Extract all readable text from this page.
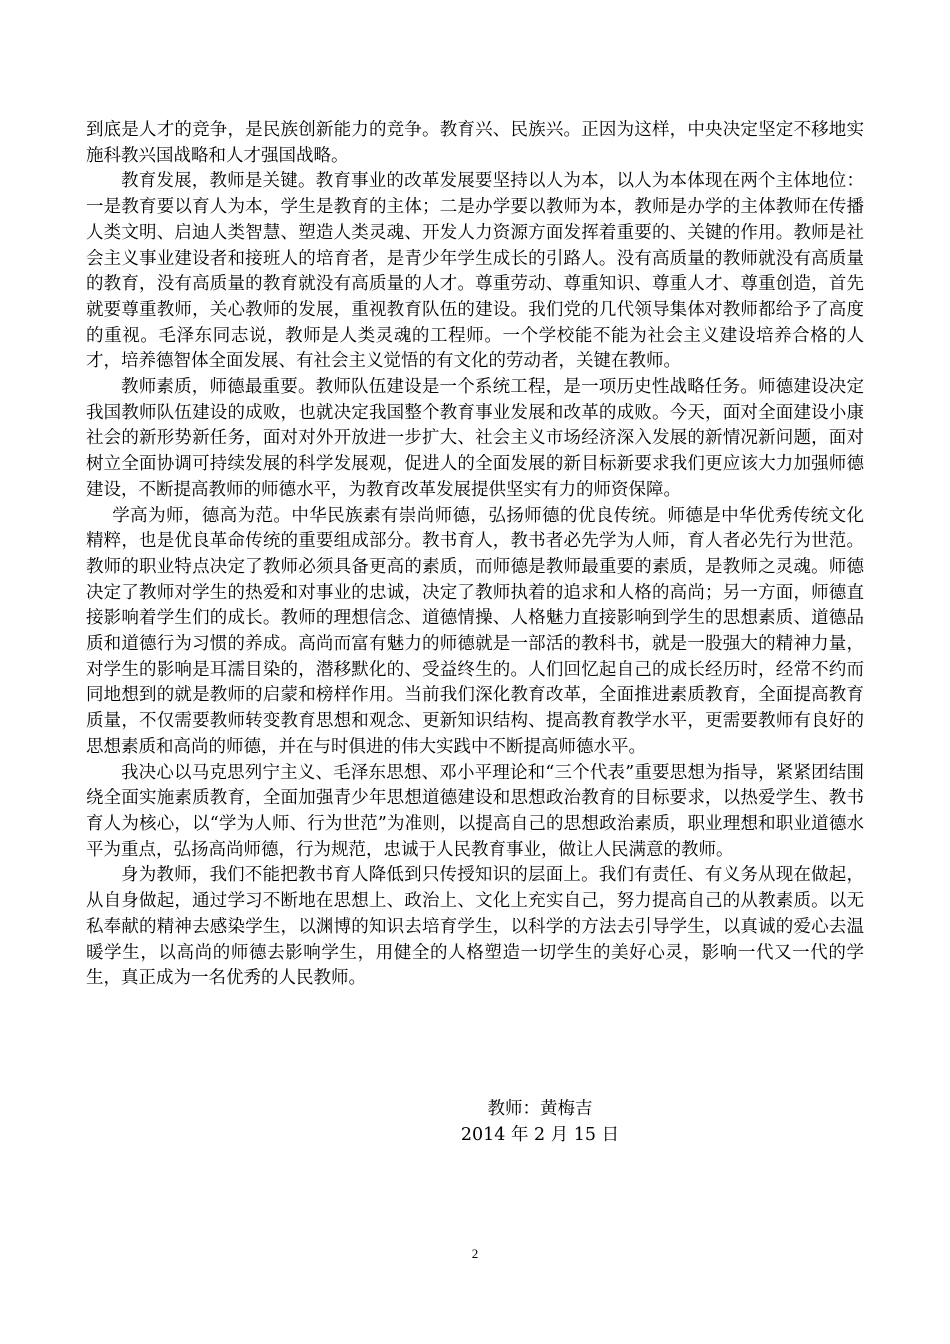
到底是人才的竞争，是民族创新能力的竞争。教育兴、民族兴。正因为这样，中央决定坚定不移地实施科教兴国战略和人才强国战略。

教育发展，教师是关键。教育事业的改革发展要坚持以人为本，以人为本体现在两个主体地位：一是教育要以育人为本，学生是教育的主体；二是办学要以教师为本，教师是办学的主体教师在传播人类文明、启迪人类智慧、塑造人类灵魂、开发人力资源方面发挥着重要的、关键的作用。教师是社会主义事业建设者和接班人的培育者，是青少年学生成长的引路人。没有高质量的教师就没有高质量的教育，没有高质量的教育就没有高质量的人才。尊重劳动、尊重知识、尊重人才、尊重创造，首先就要尊重教师，关心教师的发展，重视教育队伍的建设。我们党的几代领导集体对教师都给予了高度的重视。毛泽东同志说，教师是人类灵魂的工程师。一个学校能不能为社会主义建设培养合格的人才，培养德智体全面发展、有社会主义觉悟的有文化的劳动者，关键在教师。

教师素质，师德最重要。教师队伍建设是一个系统工程，是一项历史性战略任务。师德建设决定我国教师队伍建设的成败，也就决定我国整个教育事业发展和改革的成败。今天，面对全面建设小康社会的新形势新任务，面对对外开放进一步扩大、社会主义市场经济深入发展的新情况新问题，面对树立全面协调可持续发展的科学发展观，促进人的全面发展的新目标新要求我们更应该大力加强师德建设，不断提高教师的师德水平，为教育改革发展提供坚实有力的师资保障。

学高为师，德高为范。中华民族素有崇尚师德，弘扬师德的优良传统。师德是中华优秀传统文化精粹，也是优良革命传统的重要组成部分。教书育人，教书者必先学为人师，育人者必先行为世范。教师的职业特点决定了教师必须具备更高的素质，而师德是教师最重要的素质，是教师之灵魂。师德决定了教师对学生的热爱和对事业的忠诚，决定了教师执着的追求和人格的高尚；另一方面，师德直接影响着学生们的成长。教师的理想信念、道德情操、人格魅力直接影响到学生的思想素质、道德品质和道德行为习惯的养成。高尚而富有魅力的师德就是一部活的教科书，就是一股强大的精神力量，对学生的影响是耳濡目染的，潜移默化的、受益终生的。人们回忆起自己的成长经历时，经常不约而同地想到的就是教师的启蒙和榜样作用。当前我们深化教育改革，全面推进素质教育，全面提高教育质量，不仅需要教师转变教育思想和观念、更新知识结构、提高教育教学水平，更需要教师有良好的思想素质和高尚的师德，并在与时俱进的伟大实践中不断提高师德水平。

我决心以马克思列宁主义、毛泽东思想、邓小平理论和“三个代表”重要思想为指导，紧紧团结围绕全面实施素质教育，全面加强青少年思想道德建设和思想政治教育的目标要求，以热爱学生、教书育人为核心，以“学为人师、行为世范”为准则，以提高自己的思想政治素质，职业理想和职业道德水平为重点，弘扬高尚师德，行为规范，忠诚于人民教育事业，做让人民满意的教师。

身为教师，我们不能把教书育人降低到只传授知识的层面上。我们有责任、有义务从现在做起，从自身做起，通过学习不断地在思想上、政治上、文化上充实自己，努力提高自己的从教素质。以无私奉献的精神去感染学生，以渊博的知识去培育学生，以科学的方法去引导学生，以真诚的爱心去温暖学生，以高尚的师德去影响学生，用健全的人格塑造一切学生的美好心灵，影响一代又一代的学生，真正成为一名优秀的人民教师。

教师：黄梅吉
2014 年 2 月 15 日
2
